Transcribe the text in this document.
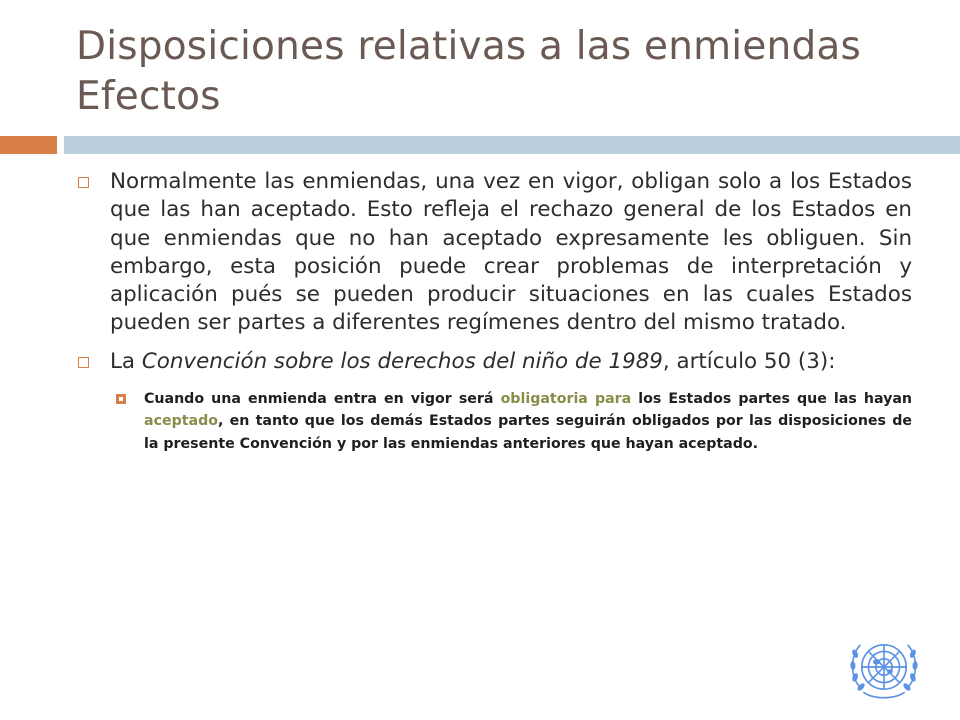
Disposiciones relativas a las enmiendas
Efectos
Normalmente las enmiendas, una vez en vigor, obligan solo a los Estados que las han aceptado. Esto refleja el rechazo general de los Estados en que enmiendas que no han aceptado expresamente les obliguen. Sin embargo, esta posición puede crear problemas de interpretación y aplicación pués se pueden producir situaciones en las cuales Estados pueden ser partes a diferentes regímenes dentro del mismo tratado.
La Convención sobre los derechos del niño de 1989, artículo 50 (3):
Cuando una enmienda entra en vigor será obligatoria para los Estados partes que las hayan aceptado, en tanto que los demás Estados partes seguirán obligados por las disposiciones de la presente Convención y por las enmiendas anteriores que hayan aceptado.
